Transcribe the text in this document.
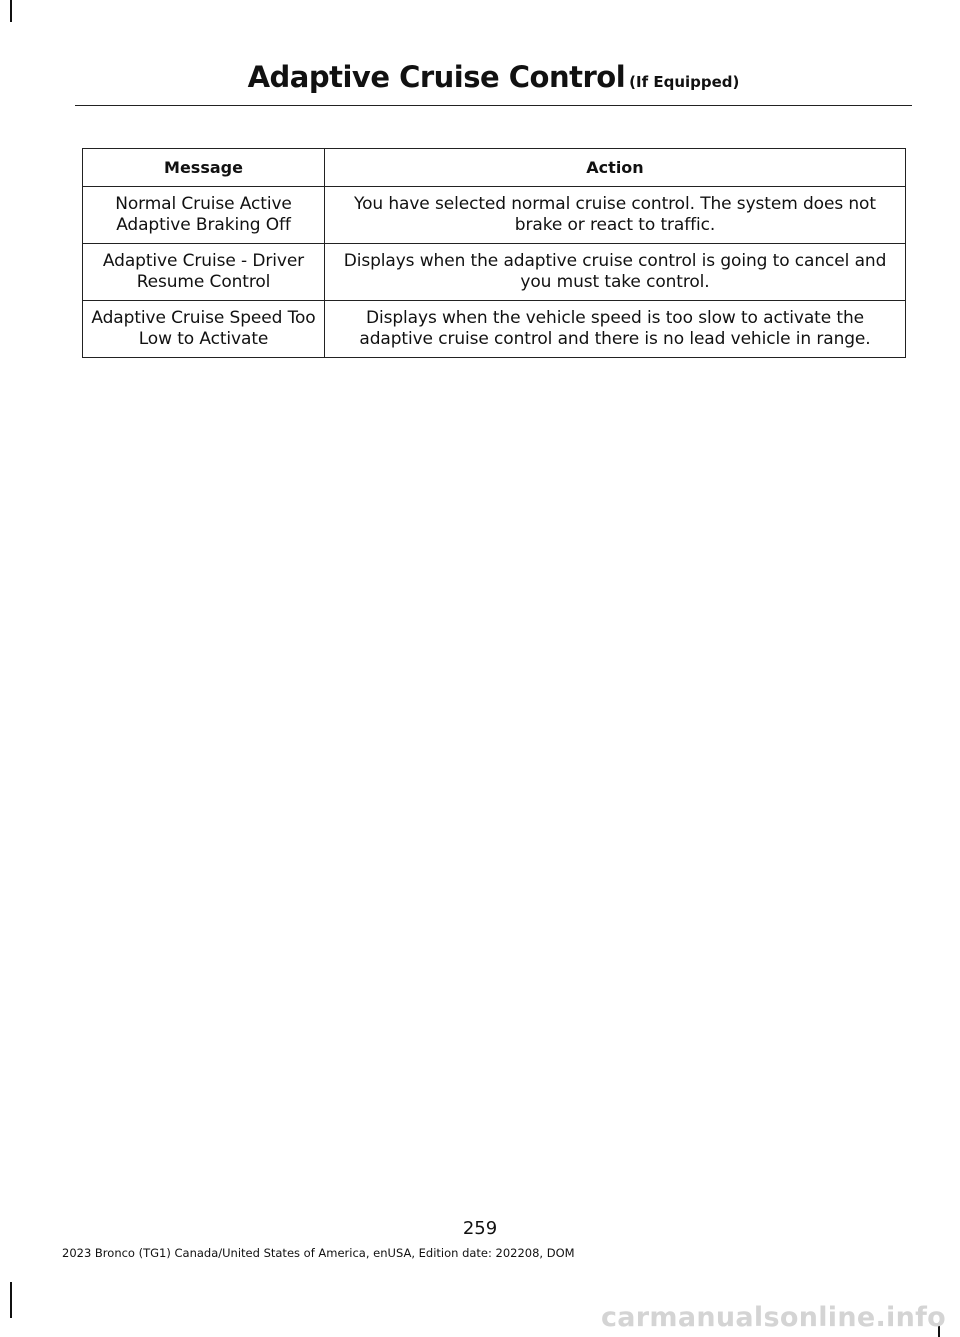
Adaptive Cruise Control (If Equipped)
Message	Action
Normal Cruise Active Adaptive Braking Off	You have selected normal cruise control. The system does not brake or react to traffic.
Adaptive Cruise - Driver Resume Control	Displays when the adaptive cruise control is going to cancel and you must take control.
Adaptive Cruise Speed Too Low to Activate	Displays when the vehicle speed is too slow to activate the adaptive cruise control and there is no lead vehicle in range.
259
2023 Bronco (TG1) Canada/United States of America, enUSA, Edition date: 202208, DOM
carmanualsonline.info
